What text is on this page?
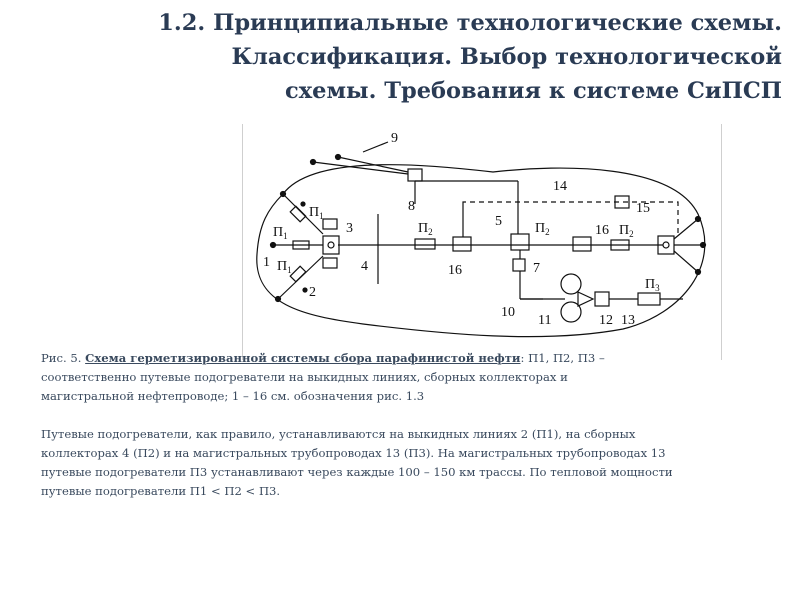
1.2. Принципиальные технологические схемы.
Классификация. Выбор технологической
схемы. Требования к системе СиПСП
1
2
3
4
5
7
8
9
10
11	12 13
14
15
16
16
$П_1$
$П_1$
$П_1$
$П_2$	$П_2$	$П_2$
$П_3$

Рис. 5. Схема герметизированной системы сбора парафинистой нефти: П1, П2, П3 –

соответственно путевые подогреватели на выкидных линиях, сборных коллекторах и

магистральной нефтепроводе; 1 – 16 см. обозначения рис. 1.3

Путевые подогреватели, как правило, устанавливаются на выкидных линиях 2 (П1), на сборных

коллекторах 4 (П2) и на магистральных трубопроводах 13 (П3). На магистральных трубопроводах 13

путевые подогреватели П3 устанавливают через каждые 100 – 150 км трассы. По тепловой мощности

путевые подогреватели П1 < П2 < П3.
